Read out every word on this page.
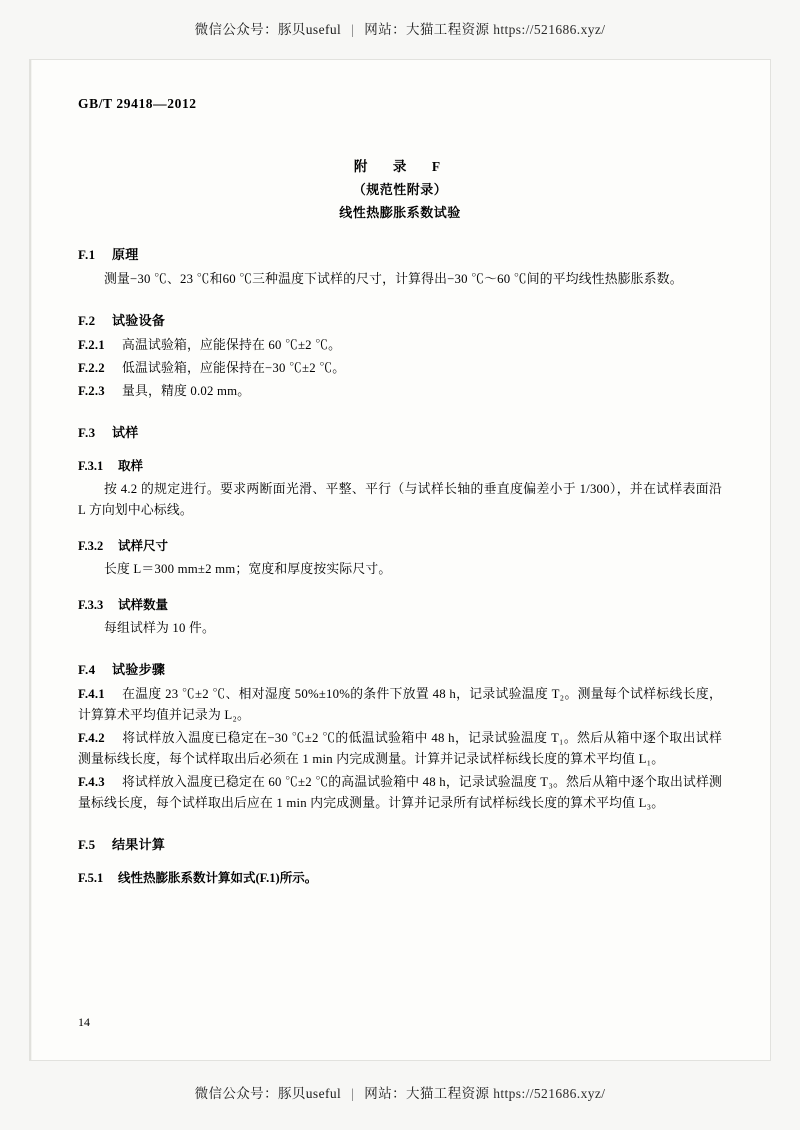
微信公众号：豚贝useful | 网站：大猫工程资源 https://521686.xyz/
GB/T 29418—2012
附　录　F
（规范性附录）
线性热膨胀系数试验
F.1 原理

测量−30 ℃、23 ℃和60 ℃三种温度下试样的尺寸，计算得出−30 ℃～60 ℃间的平均线性热膨胀系数。

F.2 试验设备

F.2.1 高温试验箱，应能保持在 60 ℃±2 ℃。

F.2.2 低温试验箱，应能保持在−30 ℃±2 ℃。

F.2.3 量具，精度 0.02 mm。

F.3 试样
F.3.1 取样

按 4.2 的规定进行。要求两断面光滑、平整、平行（与试样长轴的垂直度偏差小于 1/300），并在试样表面沿 L 方向划中心标线。

F.3.2 试样尺寸

长度 L＝300 mm±2 mm；宽度和厚度按实际尺寸。

F.3.3 试样数量

每组试样为 10 件。

F.4 试验步骤

F.4.1 在温度 23 ℃±2 ℃、相对湿度 50%±10%的条件下放置 48 h，记录试验温度 T₂。测量每个试样标线长度，计算算术平均值并记录为 L₂。

F.4.2 将试样放入温度已稳定在−30 ℃±2 ℃的低温试验箱中 48 h，记录试验温度 T₁。然后从箱中逐个取出试样测量标线长度，每个试样取出后必须在 1 min 内完成测量。计算并记录试样标线长度的算术平均值 L₁。

F.4.3 将试样放入温度已稳定在 60 ℃±2 ℃的高温试验箱中 48 h，记录试验温度 T₃。然后从箱中逐个取出试样测量标线长度，每个试样取出后应在 1 min 内完成测量。计算并记录所有试样标线长度的算术平均值 L₃。

F.5 结果计算
F.5.1 线性热膨胀系数计算如式(F.1)所示。
14
微信公众号：豚贝useful | 网站：大猫工程资源 https://521686.xyz/
